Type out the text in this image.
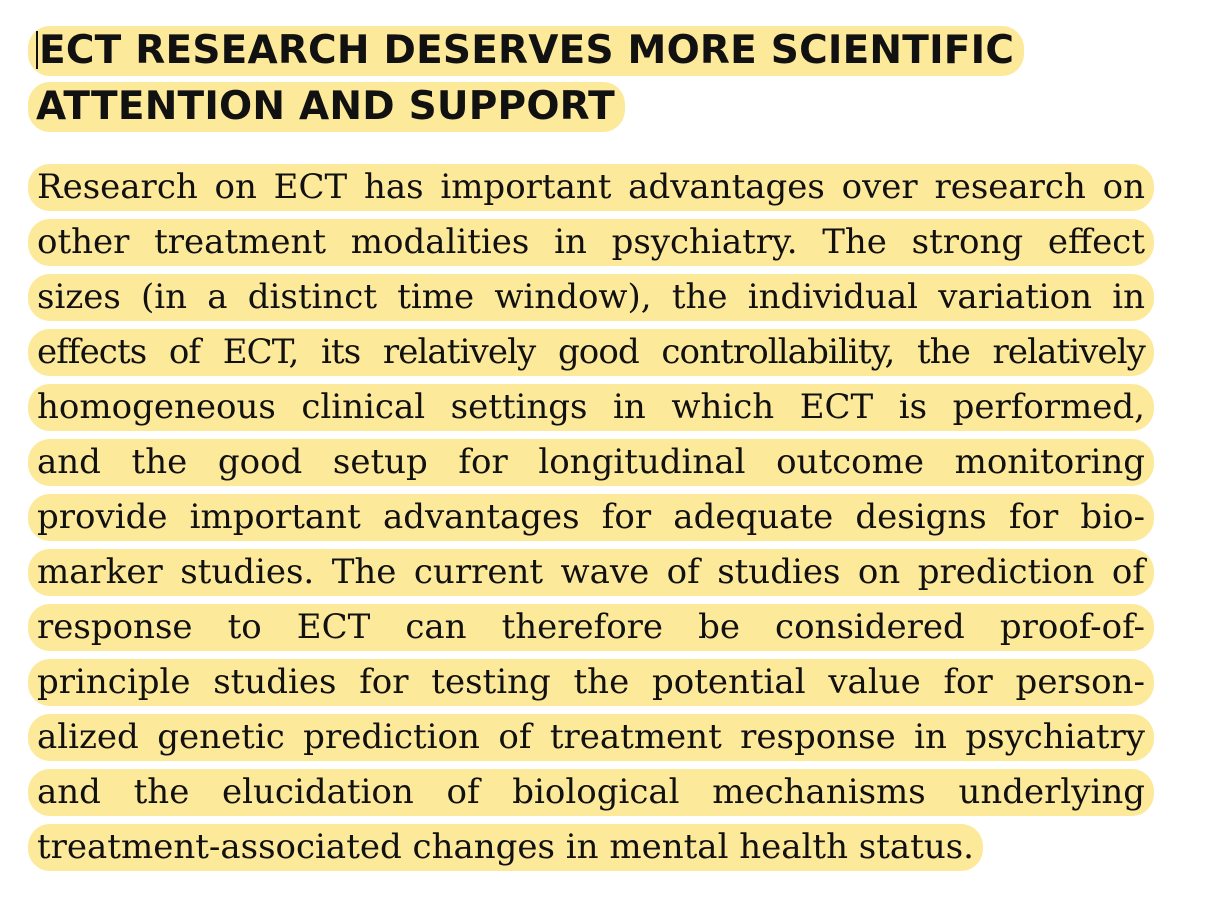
ECT RESEARCH DESERVES MORE SCIENTIFIC
ATTENTION AND SUPPORT
Research on ECT has important advantages over research on
other treatment modalities in psychiatry. The strong effect
sizes (in a distinct time window), the individual variation in
effects of ECT, its relatively good controllability, the relatively
homogeneous clinical settings in which ECT is performed,
and the good setup for longitudinal outcome monitoring
provide important advantages for adequate designs for bio-
marker studies. The current wave of studies on prediction of
response to ECT can therefore be considered proof-of-
principle studies for testing the potential value for person-
alized genetic prediction of treatment response in psychiatry
and the elucidation of biological mechanisms underlying
treatment-associated changes in mental health status.
